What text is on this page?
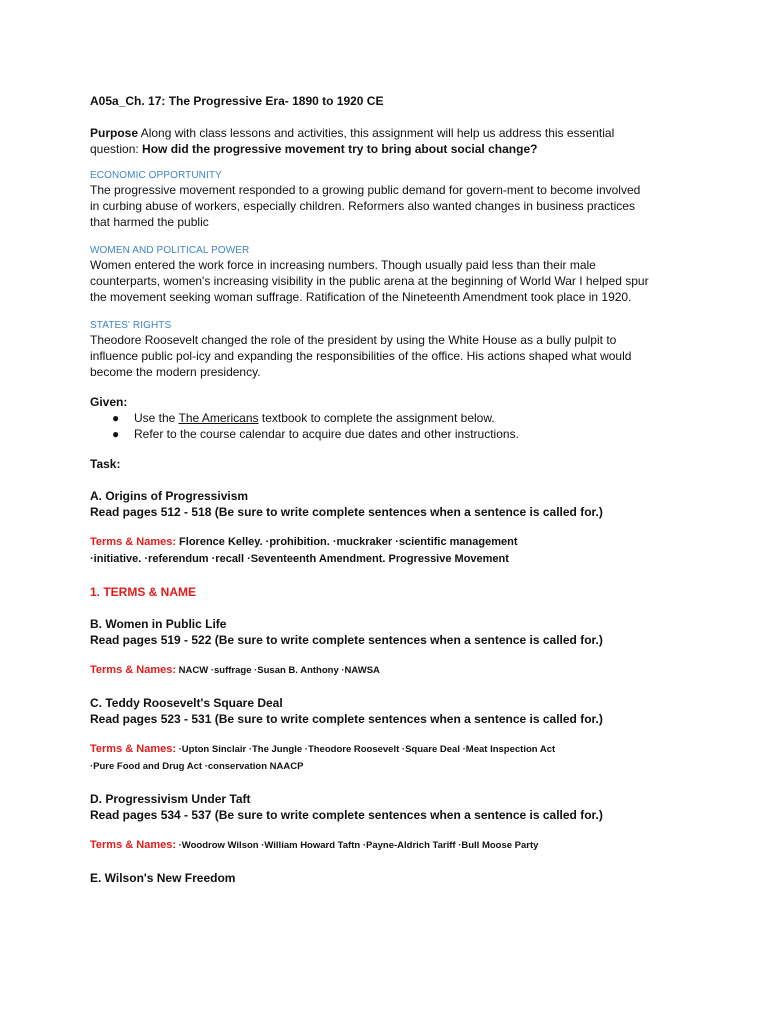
A05a_Ch. 17: The Progressive Era- 1890 to 1920 CE

Purpose Along with class lessons and activities, this assignment will help us address this essential

question: How did the progressive movement try to bring about social change?

ECONOMIC OPPORTUNITY

The progressive movement responded to a growing public demand for govern-ment to become involved

in curbing abuse of workers, especially children. Reformers also wanted changes in business practices

that harmed the public

WOMEN AND POLITICAL POWER

Women entered the work force in increasing numbers. Though usually paid less than their male

counterparts, women's increasing visibility in the public arena at the beginning of World War I helped spur

the movement seeking woman suffrage. Ratification of the Nineteenth Amendment took place in 1920.

STATES' RIGHTS

Theodore Roosevelt changed the role of the president by using the White House as a bully pulpit to

influence public pol-icy and expanding the responsibilities of the office. His actions shaped what would

become the modern presidency.

Given:

● Use the The Americans textbook to complete the assignment below.
● Refer to the course calendar to acquire due dates and other instructions.

Task:

A. Origins of Progressivism

Read pages 512 - 518 (Be sure to write complete sentences when a sentence is called for.)

Terms & Names: Florence Kelley. ·prohibition. ·muckraker ·scientific management

·initiative. ·referendum ·recall ·Seventeenth Amendment. Progressive Movement

1. TERMS & NAME

B. Women in Public Life

Read pages 519 - 522 (Be sure to write complete sentences when a sentence is called for.)

Terms & Names: NACW ·suffrage ·Susan B. Anthony ·NAWSA

C. Teddy Roosevelt's Square Deal

Read pages 523 - 531 (Be sure to write complete sentences when a sentence is called for.)

Terms & Names: ·Upton Sinclair ·The Jungle ·Theodore Roosevelt ·Square Deal ·Meat Inspection Act

·Pure Food and Drug Act ·conservation NAACP

D. Progressivism Under Taft

Read pages 534 - 537 (Be sure to write complete sentences when a sentence is called for.)

Terms & Names: ·Woodrow Wilson ·William Howard Taftn ·Payne-Aldrich Tariff ·Bull Moose Party

E. Wilson's New Freedom
